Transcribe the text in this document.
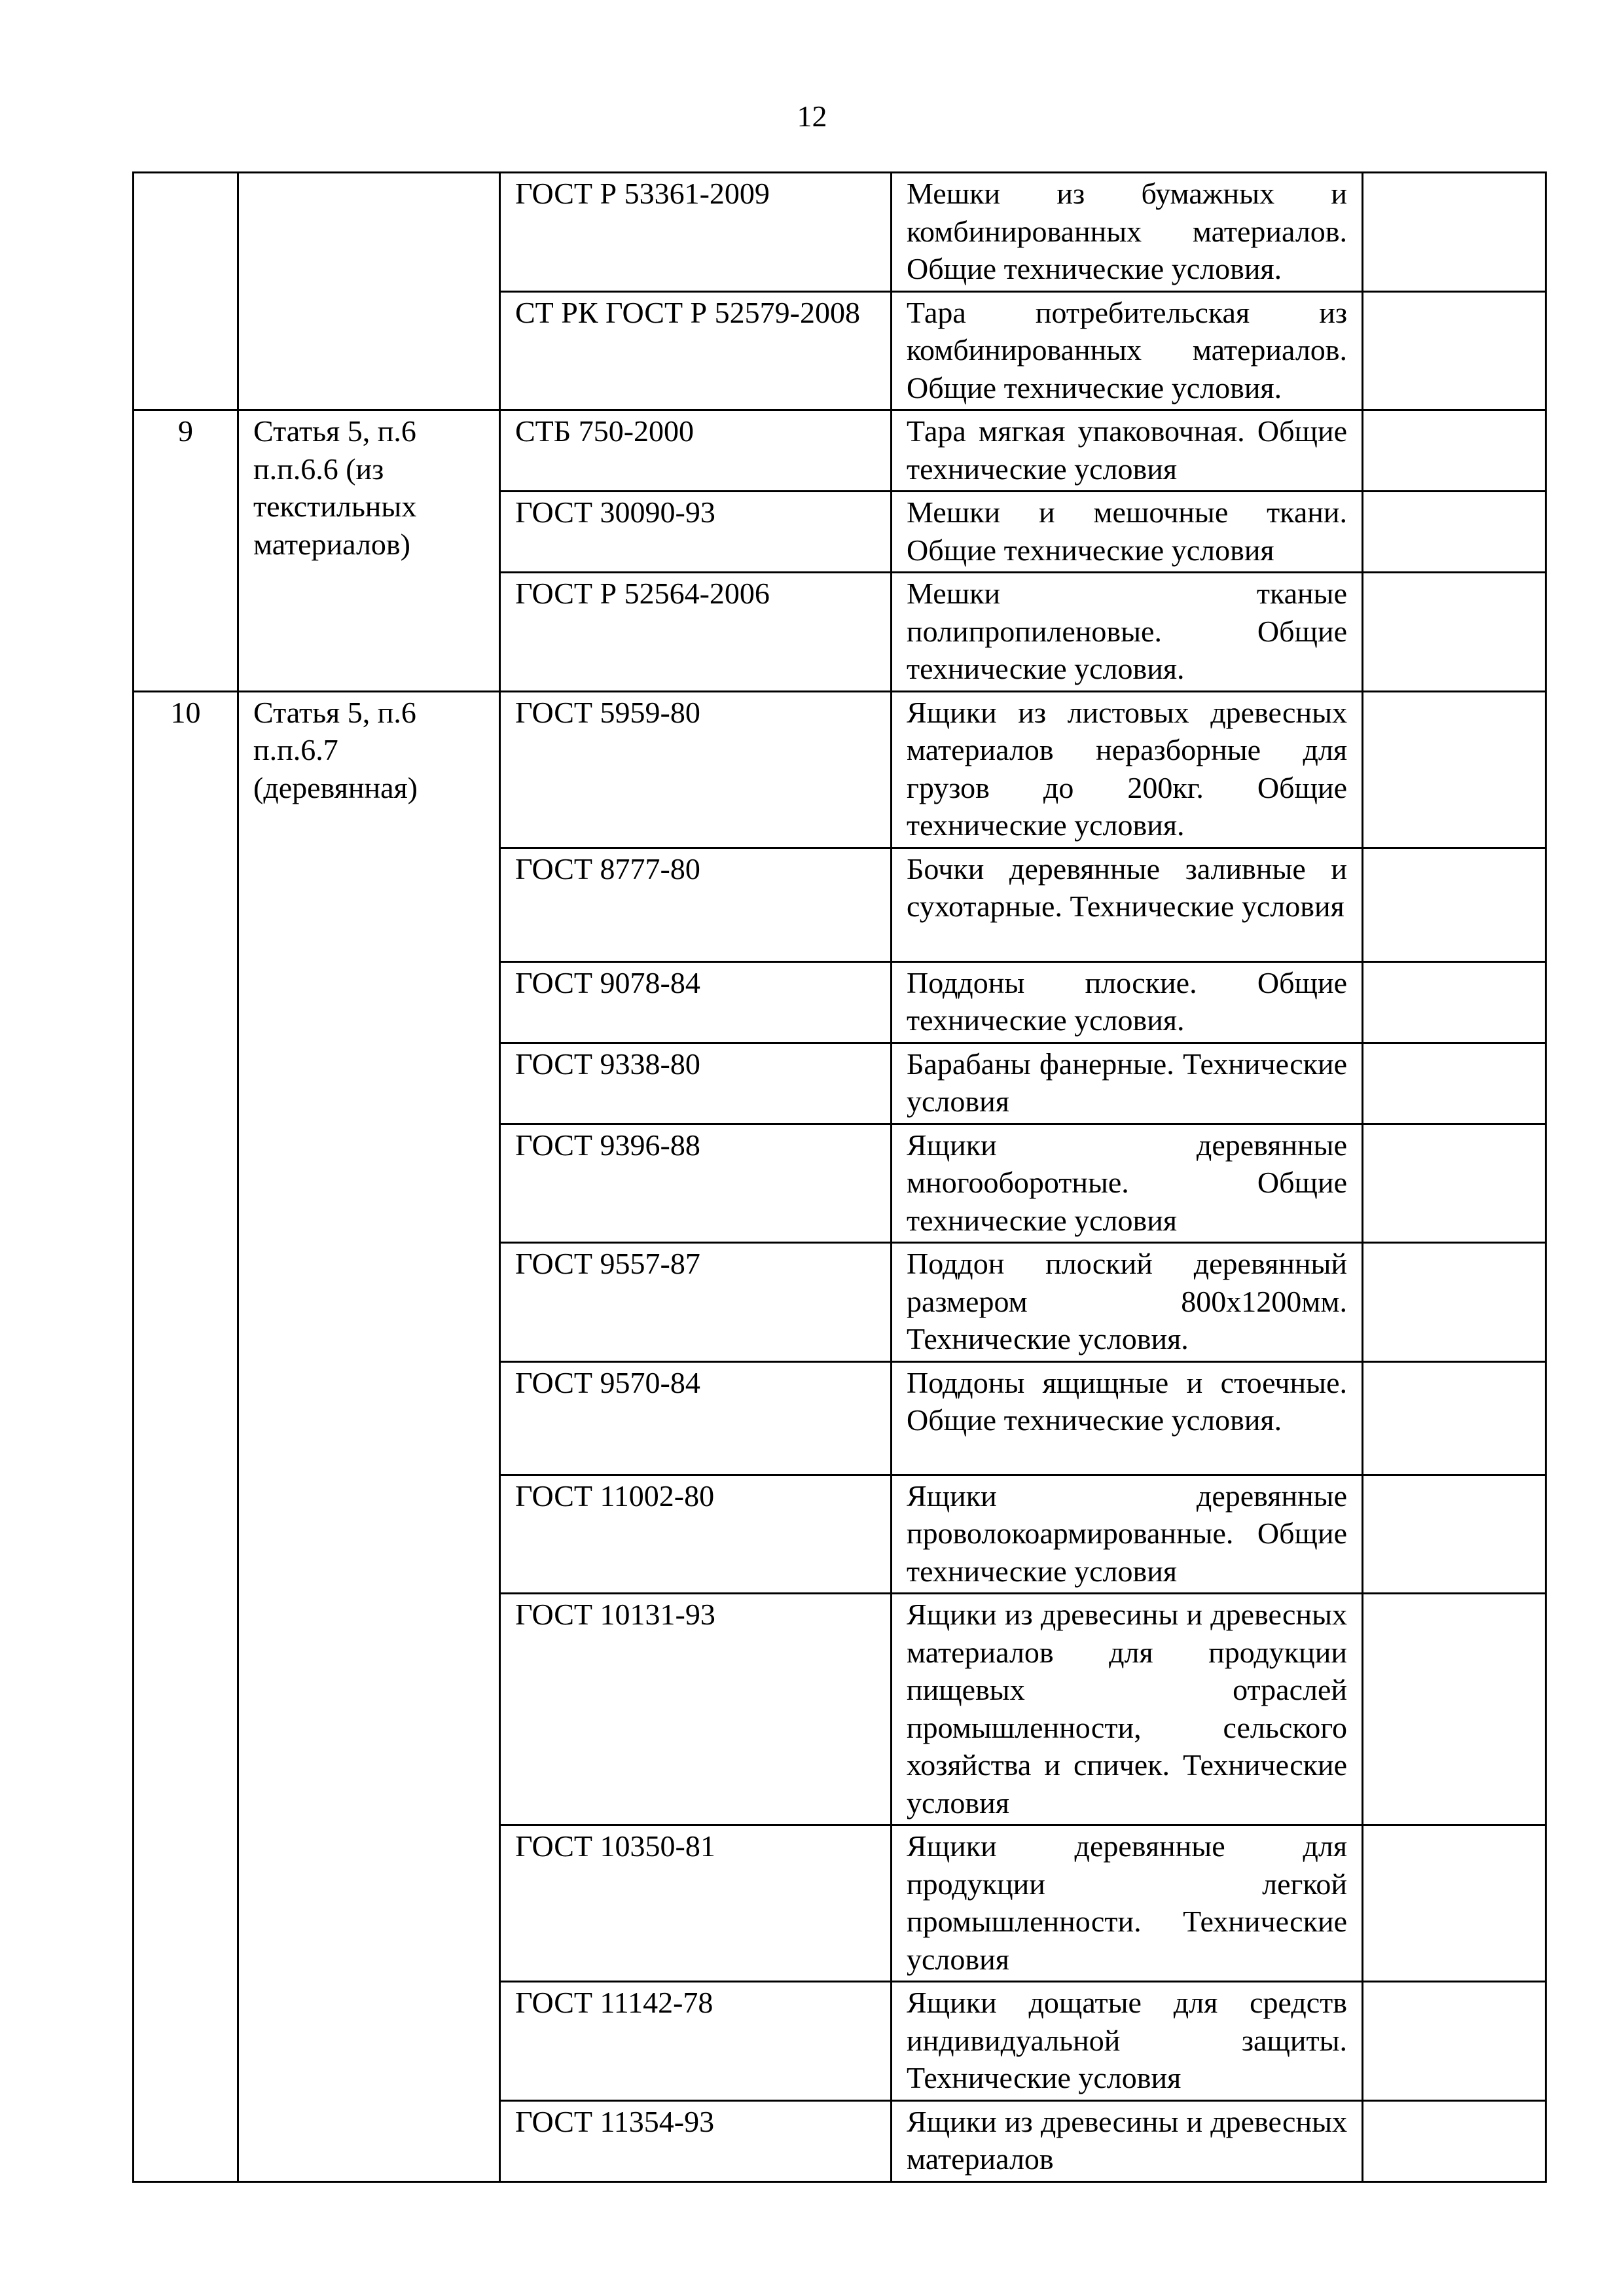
12
		ГОСТ Р 53361-2009	Мешки из бумажных и комбинированных материалов. Общие технические условия.	
		СТ РК ГОСТ Р 52579-2008	Тара потребительская из комбинированных материалов. Общие технические условия.	
9	Статья 5, п.6 п.п.6.6 (из текстильных материалов)	СТБ 750-2000	Тара мягкая упаковочная. Общие технические условия	
		ГОСТ 30090-93	Мешки и мешочные ткани. Общие технические условия	
		ГОСТ Р 52564-2006	Мешки тканые полипропиленовые. Общие технические условия.	
10	Статья 5, п.6 п.п.6.7 (деревянная)	ГОСТ 5959-80	Ящики из листовых древесных материалов неразборные для грузов до 200кг. Общие технические условия.	
		ГОСТ 8777-80	Бочки деревянные заливные и сухотарные. Технические условия	
		ГОСТ 9078-84	Поддоны плоские. Общие технические условия.	
		ГОСТ 9338-80	Барабаны фанерные. Технические условия	
		ГОСТ 9396-88	Ящики деревянные многооборотные. Общие технические условия	
		ГОСТ 9557-87	Поддон плоский деревянный размером 800х1200мм. Технические условия.	
		ГОСТ 9570-84	Поддоны ящищные и стоечные. Общие технические условия.	
		ГОСТ 11002-80	Ящики деревянные проволокоармированные. Общие технические условия	
		ГОСТ 10131-93	Ящики из древесины и древесных материалов для продукции пищевых отраслей промышленности, сельского хозяйства и спичек. Технические условия	
		ГОСТ 10350-81	Ящики деревянные для продукции легкой промышленности. Технические условия	
		ГОСТ 11142-78	Ящики дощатые для средств индивидуальной защиты. Технические условия	
		ГОСТ 11354-93	Ящики из древесины и древесных материалов	
